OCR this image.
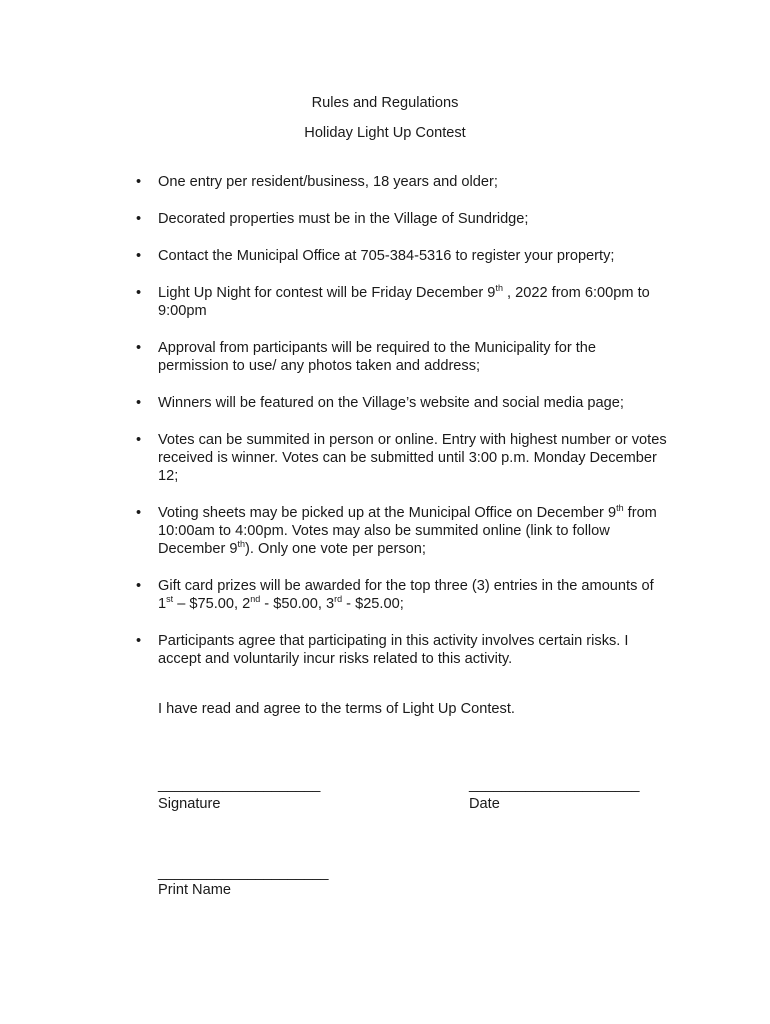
Rules and Regulations
Holiday Light Up Contest
• One entry per resident/business, 18 years and older;
• Decorated properties must be in the Village of Sundridge;
• Contact the Municipal Office at 705-384-5316 to register your property;
• Light Up Night for contest will be Friday December 9th , 2022 from 6:00pm to 9:00pm
• Approval from participants will be required to the Municipality for the permission to use/ any photos taken and address;
• Winners will be featured on the Village’s website and social media page;
• Votes can be summited in person or online. Entry with highest number or votes received is winner. Votes can be submitted until 3:00 p.m. Monday December 12;
• Voting sheets may be picked up at the Municipal Office on December 9th from 10:00am to 4:00pm. Votes may also be summited online (link to follow December 9th). Only one vote per person;
• Gift card prizes will be awarded for the top three (3) entries in the amounts of 1st – $75.00, 2nd - $50.00, 3rd - $25.00;
• Participants agree that participating in this activity involves certain risks. I accept and voluntarily incur risks related to this activity.
I have read and agree to the terms of Light Up Contest.
____________________
Signature
_____________________
Date
_____________________
Print Name
